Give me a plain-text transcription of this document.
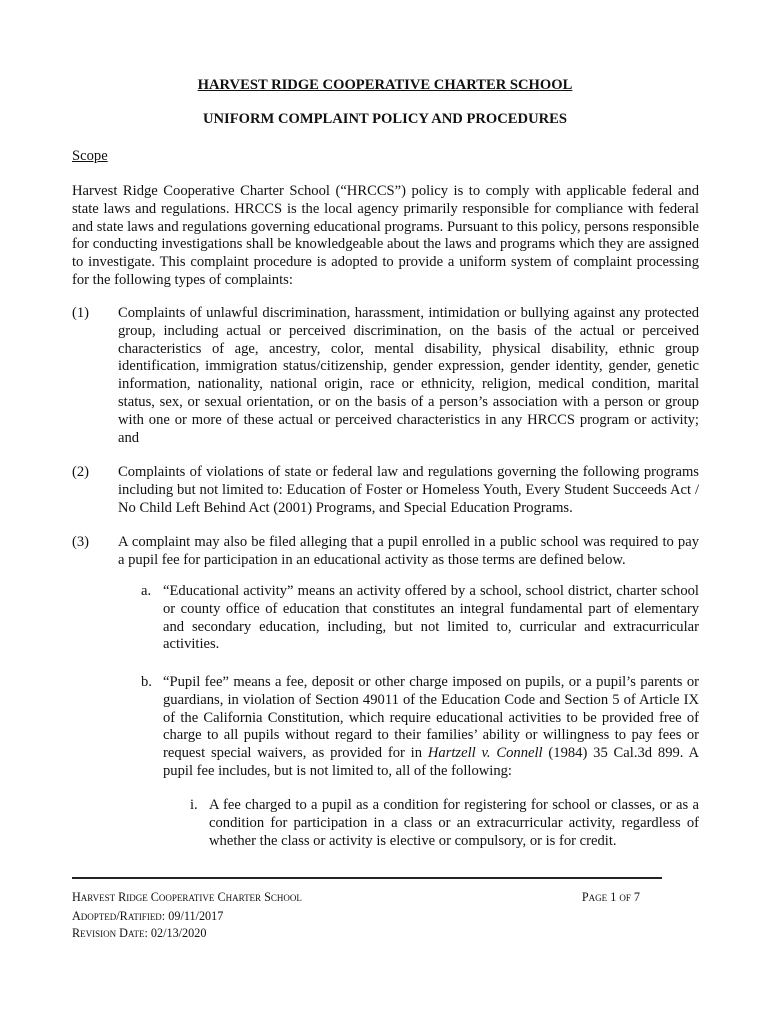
HARVEST RIDGE COOPERATIVE CHARTER SCHOOL
UNIFORM COMPLAINT POLICY AND PROCEDURES
Scope
Harvest Ridge Cooperative Charter School (“HRCCS”) policy is to comply with applicable federal and state laws and regulations. HRCCS is the local agency primarily responsible for compliance with federal and state laws and regulations governing educational programs. Pursuant to this policy, persons responsible for conducting investigations shall be knowledgeable about the laws and programs which they are assigned to investigate. This complaint procedure is adopted to provide a uniform system of complaint processing for the following types of complaints:
(1) Complaints of unlawful discrimination, harassment, intimidation or bullying against any protected group, including actual or perceived discrimination, on the basis of the actual or perceived characteristics of age, ancestry, color, mental disability, physical disability, ethnic group identification, immigration status/citizenship, gender expression, gender identity, gender, genetic information, nationality, national origin, race or ethnicity, religion, medical condition, marital status, sex, or sexual orientation, or on the basis of a person’s association with a person or group with one or more of these actual or perceived characteristics in any HRCCS program or activity; and
(2) Complaints of violations of state or federal law and regulations governing the following programs including but not limited to: Education of Foster or Homeless Youth, Every Student Succeeds Act / No Child Left Behind Act (2001) Programs, and Special Education Programs.
(3) A complaint may also be filed alleging that a pupil enrolled in a public school was required to pay a pupil fee for participation in an educational activity as those terms are defined below.
a. “Educational activity” means an activity offered by a school, school district, charter school or county office of education that constitutes an integral fundamental part of elementary and secondary education, including, but not limited to, curricular and extracurricular activities.
b. “Pupil fee” means a fee, deposit or other charge imposed on pupils, or a pupil’s parents or guardians, in violation of Section 49011 of the Education Code and Section 5 of Article IX of the California Constitution, which require educational activities to be provided free of charge to all pupils without regard to their families’ ability or willingness to pay fees or request special waivers, as provided for in Hartzell v. Connell (1984) 35 Cal.3d 899. A pupil fee includes, but is not limited to, all of the following:
i. A fee charged to a pupil as a condition for registering for school or classes, or as a condition for participation in a class or an extracurricular activity, regardless of whether the class or activity is elective or compulsory, or is for credit.
Harvest Ridge Cooperative Charter School	Page 1 of 7
Adopted/Ratified: 09/11/2017
Revision Date: 02/13/2020
